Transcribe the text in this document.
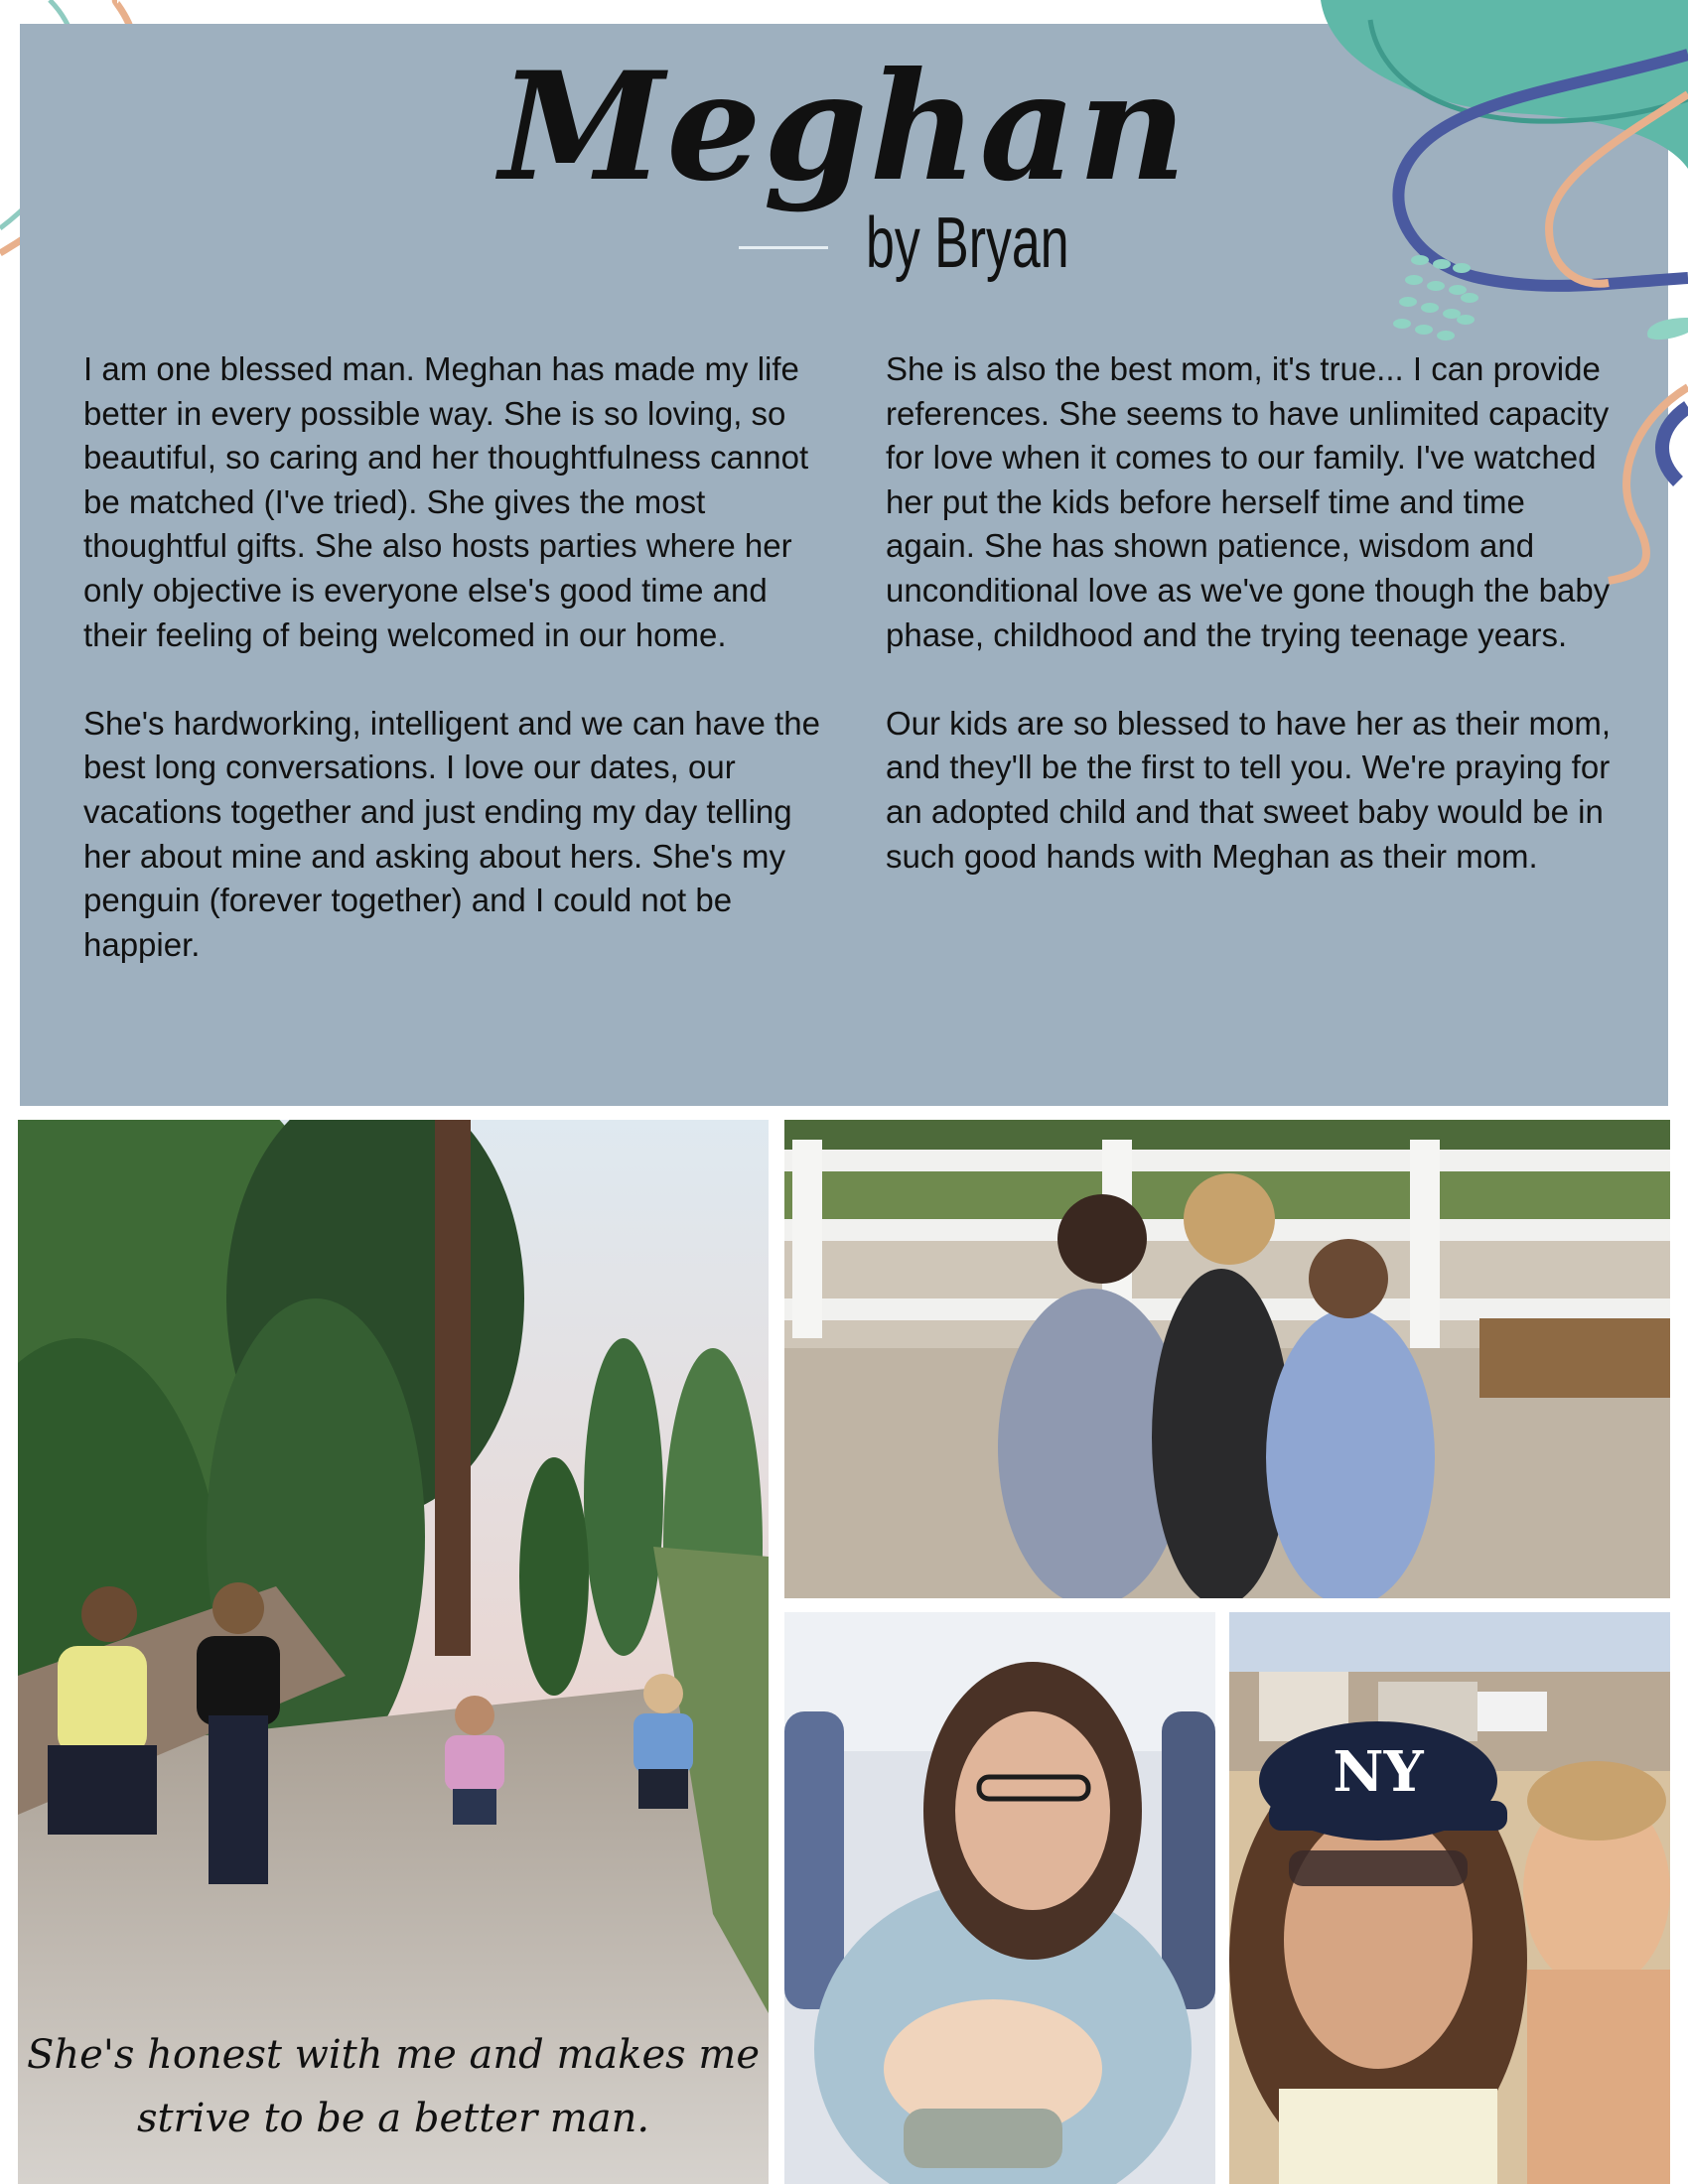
Meghan
by Bryan

I am one blessed man. Meghan has made my life better in every possible way. She is so loving, so beautiful, so caring and her thoughtfulness cannot be matched (I've tried). She gives the most thoughtful gifts. She also hosts parties where her only objective is everyone else's good time and their feeling of being welcomed in our home.

She's hardworking, intelligent and we can have the best long conversations. I love our dates, our vacations together and just ending my day telling her about mine and asking about hers. She's my penguin (forever together) and I could not be happier.

She is also the best mom, it's true... I can provide references. She seems to have unlimited capacity for love when it comes to our family. I've watched her put the kids before herself time and time again. She has shown patience, wisdom and unconditional love as we've gone though the baby phase, childhood and the trying teenage years.

Our kids are so blessed to have her as their mom, and they'll be the first to tell you. We're praying for an adopted child and that sweet baby would be in such good hands with Meghan as their mom.

She's honest with me and makes me
strive to be a better man.
NY
